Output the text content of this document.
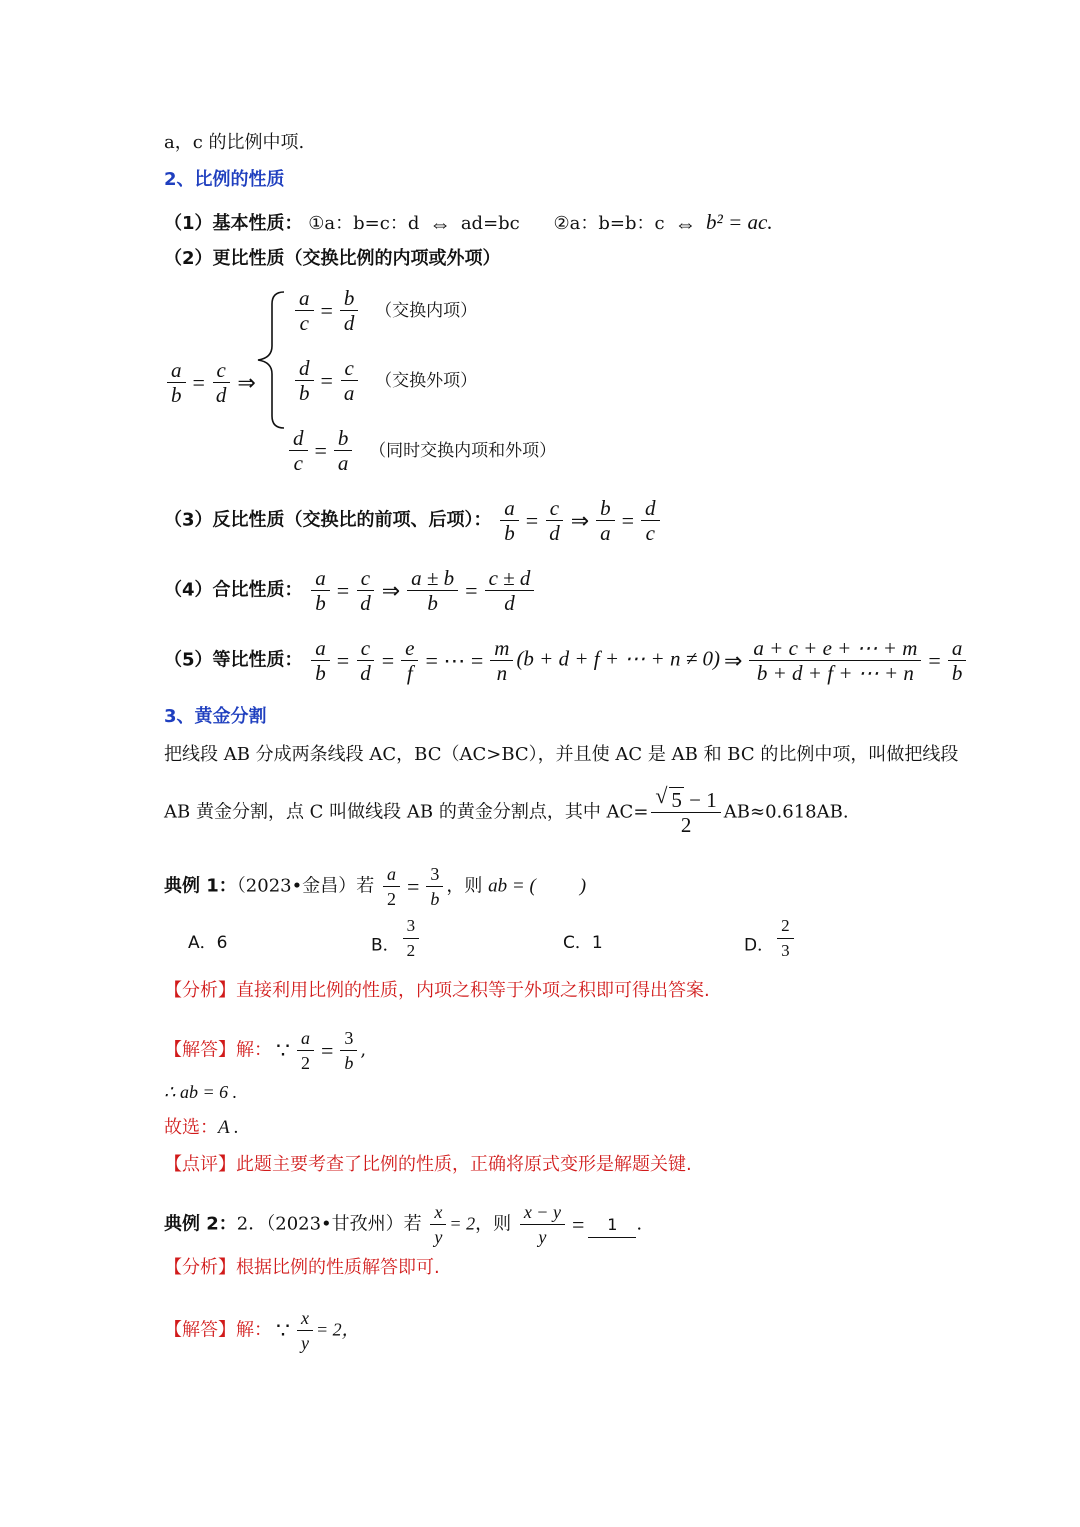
a，c 的比例中项.
2、比例的性质
（1）基本性质： ①a：b=c：d ⇔ ad=bc ②a：b=b：c ⇔ b² = ac.
（2）更比性质（交换比例的内项或外项）
$\frac{a}{b} = \frac{c}{d}$ ⇒
$\frac{a}{c} = \frac{b}{d}$ （交换内项）
$\frac{d}{b} = \frac{c}{a}$ （交换外项）
$\frac{d}{c} = \frac{b}{a}$ （同时交换内项和外项）
（3）反比性质（交换比的前项、后项）： $\frac{a}{b} = \frac{c}{d}$ ⇒ $\frac{b}{a} = \frac{d}{c}$
（4）合比性质： $\frac{a}{b} = \frac{c}{d}$ ⇒ $\frac{a \pm b}{b} = \frac{c \pm d}{d}$
（5）等比性质： $\frac{a}{b} = \frac{c}{d} = \frac{e}{f}$ = ⋯ = $\frac{m}{n} (b + d + f$ + ⋯ + n ≠ 0) ⇒ $\frac{a + c + e + \cdots + m}{b + d + f + \cdots + n} = \frac{a}{b}$
3、黄金分割
把线段 AB 分成两条线段 AC，BC（AC>BC），并且使 AC 是 AB 和 BC 的比例中项，叫做把线段
AB 黄金分割，点 C 叫做线段 AB 的黄金分割点，其中 $AC= \frac{√ 5 - 1}{2} AB\approx 0.618AB$.
典例 1：（2023•金昌）若 $\frac{a}{2} = \frac{3}{b}$ ，则 ab = ( )
A．6	B． $\frac{3}{2}$	C．1	D． $\frac{2}{3}$
【分析】直接利用比例的性质，内项之积等于外项之积即可得出答案.
【解答】解： ∵ $\frac{a}{2} = \frac{3}{b}$ ,
∴ ab = 6 .
故选：A .
【点评】此题主要考查了比例的性质，正确将原式变形是解题关键.
典例 2：2．（2023•甘孜州）若 $\frac{x}{y} = 2$，则 $\frac{x - y}{y} = 1$ .
【分析】根据比例的性质解答即可.
【解答】解： ∵ $\frac{x}{y} = 2$，
